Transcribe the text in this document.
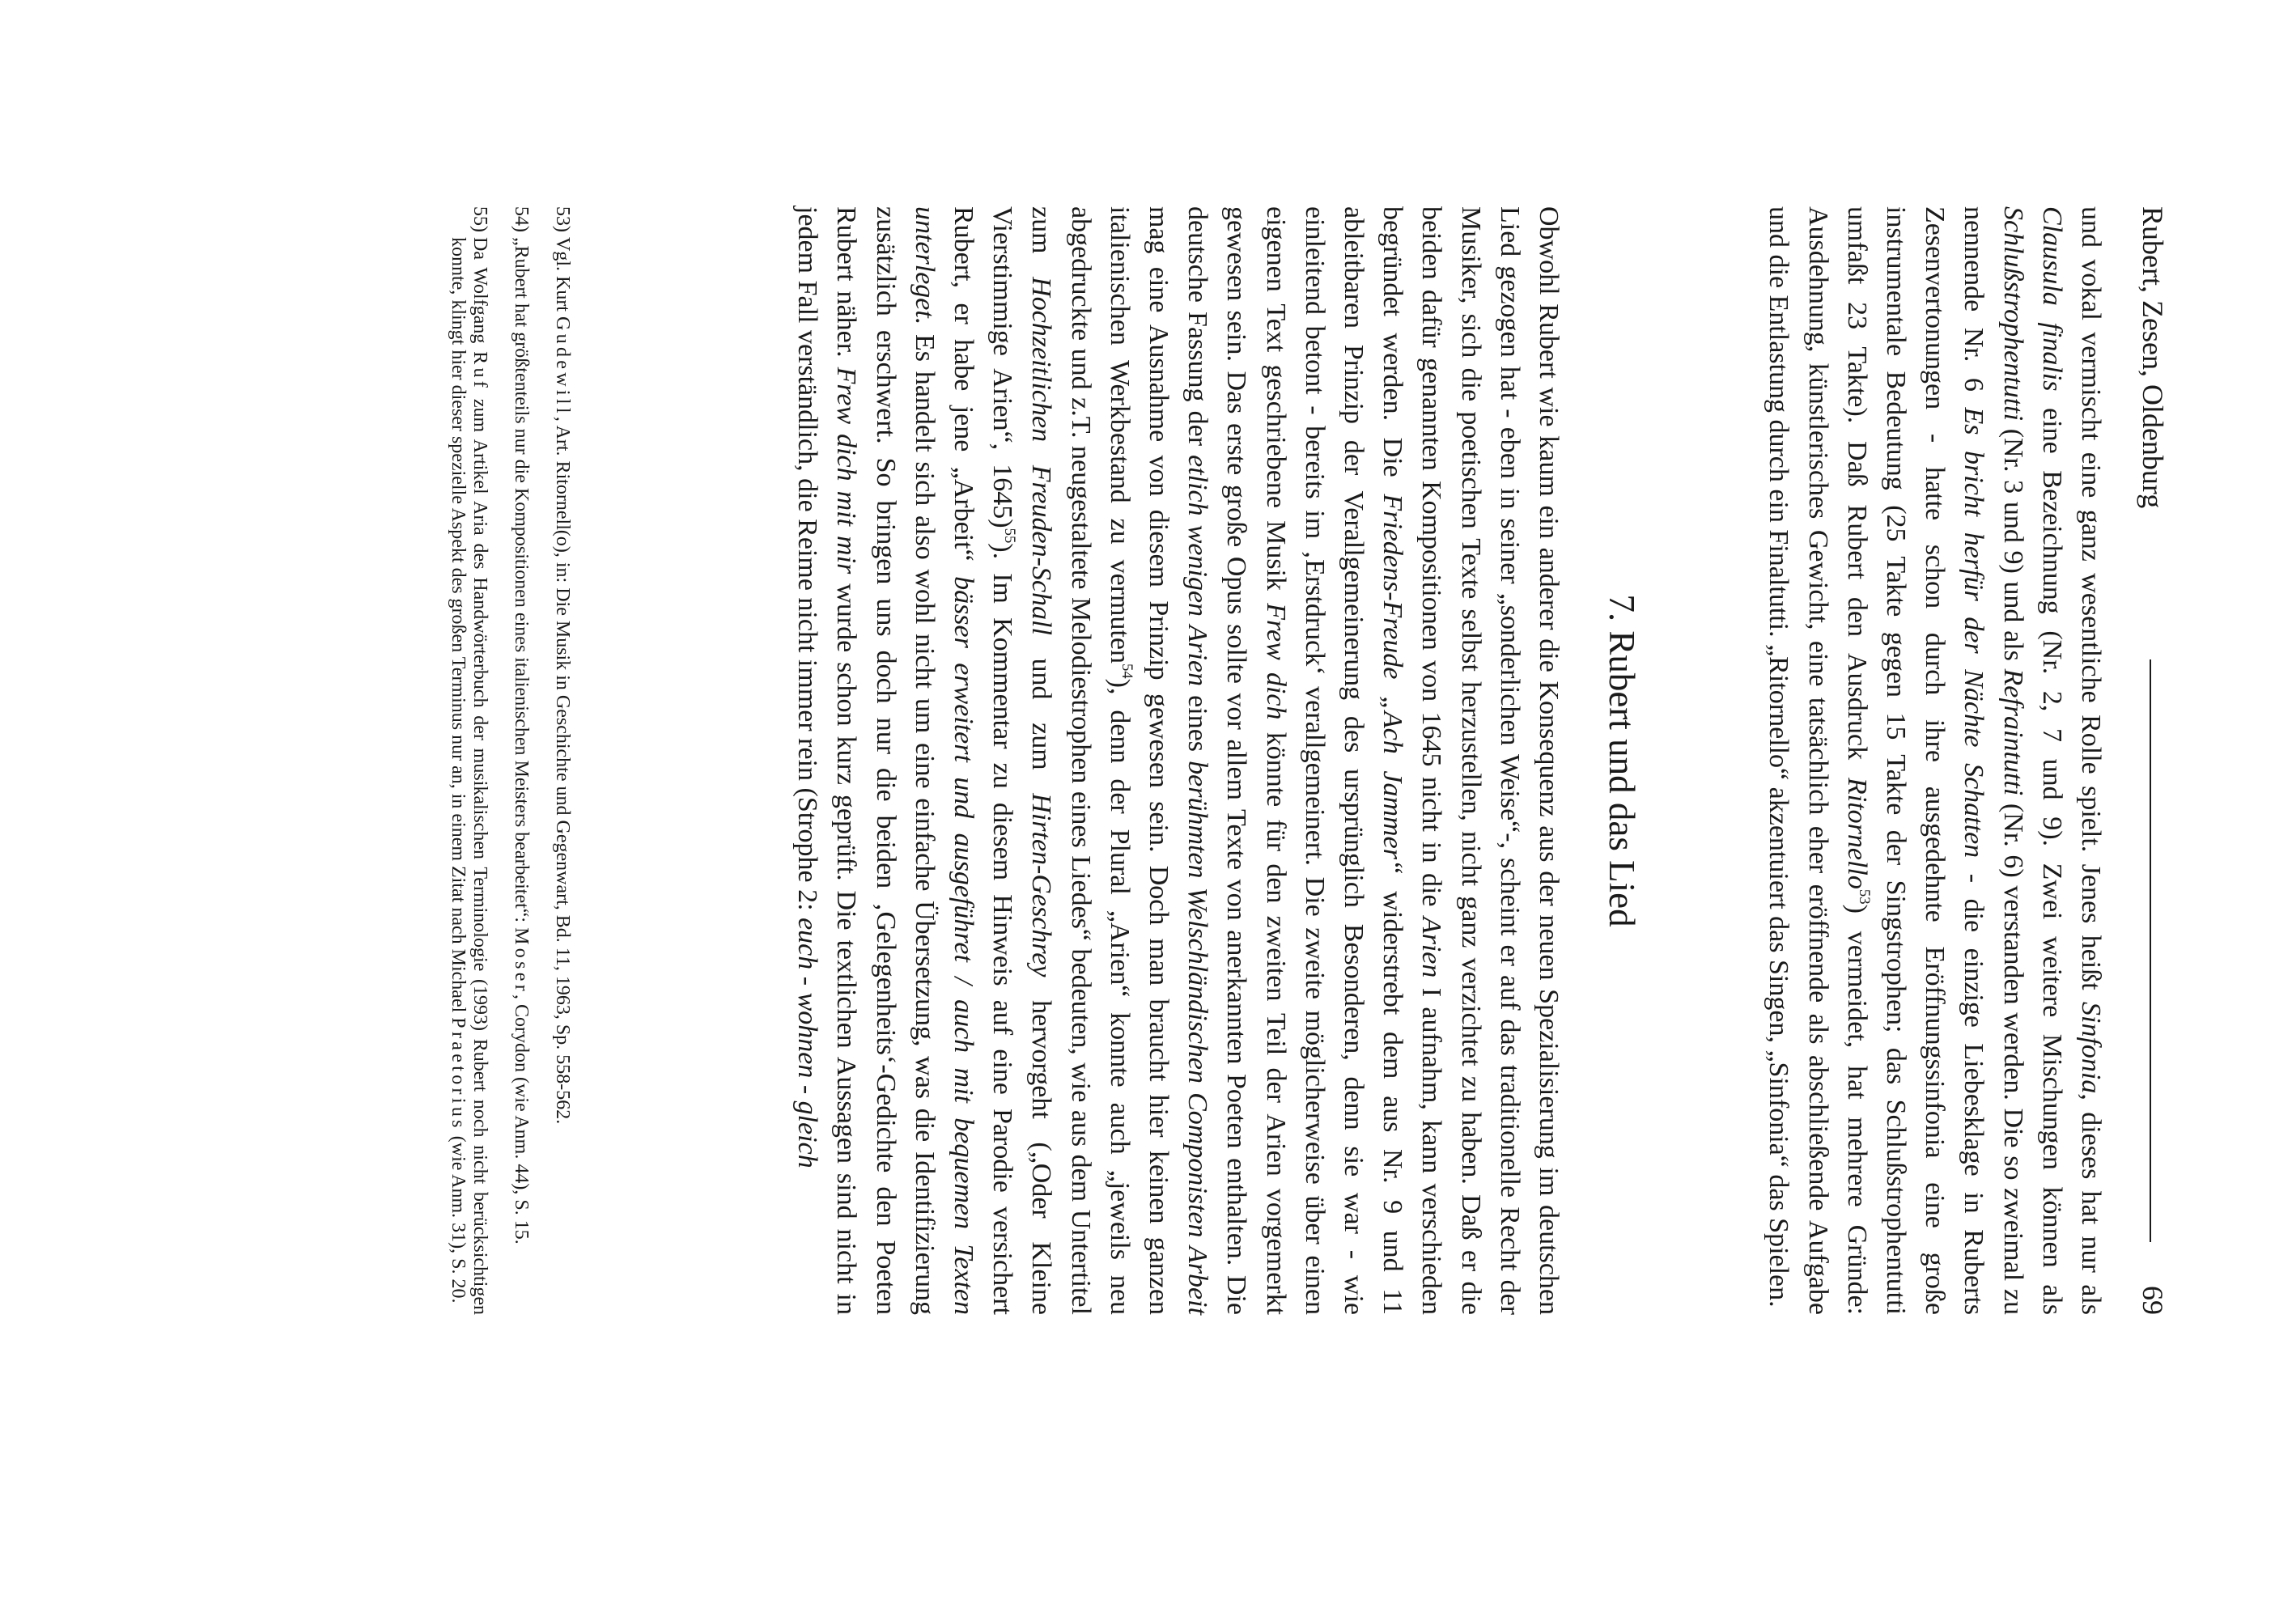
Rubert, Zesen, Oldenburg
69

und vokal vermischt eine ganz wesentliche Rolle spielt. Jenes heißt Sinfonia, dieses hat nur als Clausula finalis eine Bezeichnung (Nr. 2, 7 und 9). Zwei weitere Mischungen können als Schlußstrophentutti (Nr. 3 und 9) und als Refraintutti (Nr. 6) verstanden werden. Die so zweimal zu nennende Nr. 6 Es bricht herfür der Nächte Schatten - die einzige Liebesklage in Ruberts Zesenvertonungen - hatte schon durch ihre ausgedehnte Eröffnungssinfonia eine große instrumentale Bedeutung (25 Takte gegen 15 Takte der Singstrophen; das Schlußstrophentutti umfaßt 23 Takte). Daß Rubert den Ausdruck Ritornello$^{53}$) vermeidet, hat mehrere Gründe: Ausdehnung, künstlerisches Gewicht, eine tatsächlich eher eröffnende als abschließende Aufgabe und die Entlastung durch ein Finaltutti. „Ritornello“ akzentuiert das Singen, „Sinfonia“ das Spielen.

7. Rubert und das Lied

Obwohl Rubert wie kaum ein anderer die Konsequenz aus der neuen Spezialisierung im deutschen Lied gezogen hat - eben in seiner „sonderlichen Weise“-, scheint er auf das traditionelle Recht der Musiker, sich die poetischen Texte selbst herzustellen, nicht ganz verzichtet zu haben. Daß er die beiden dafür genannten Kompositionen von 1645 nicht in die Arien I aufnahm, kann verschieden begründet werden. Die Friedens-Freude „Ach Jammer“ widerstrebt dem aus Nr. 9 und 11 ableitbaren Prinzip der Verallgemeinerung des ursprünglich Besonderen, denn sie war - wie einleitend betont - bereits im ‚Erstdruck‘ verallgemeinert. Die zweite möglicherweise über einen eigenen Text geschriebene Musik Frew dich könnte für den zweiten Teil der Arien vorgemerkt gewesen sein. Das erste große Opus sollte vor allem Texte von anerkannten Poeten enthalten. Die deutsche Fassung der etlich wenigen Arien eines berühmten Welschländischen Componisten Arbeit mag eine Ausnahme von diesem Prinzip gewesen sein. Doch man braucht hier keinen ganzen italienischen Werkbestand zu vermuten$^{54}$), denn der Plural „Arien“ konnte auch „jeweils neu abgedruckte und z.T. neugestaltete Melodiestrophen eines Liedes“ bedeuten, wie aus dem Untertitel zum Hochzeitlichen Freuden-Schall und zum Hirten-Geschrey hervorgeht („Oder Kleine Vierstimmige Arien“, 1645)$^{55}$). Im Kommentar zu diesem Hinweis auf eine Parodie versichert Rubert, er habe jene „Arbeit“ bässer erweitert und ausgeführet / auch mit bequemen Texten unterleget. Es handelt sich also wohl nicht um eine einfache Übersetzung, was die Identifizierung zusätzlich erschwert. So bringen uns doch nur die beiden ‚Gelegenheits‘-Gedichte den Poeten Rubert näher. Frew dich mit mir wurde schon kurz geprüft. Die textlichen Aussagen sind nicht in jedem Fall verständlich, die Reime nicht immer rein (Strophe 2: euch - wohnen - gleich

53)

Vgl. Kurt Gudewill, Art. Ritornell(o), in: Die Musik in Geschichte und Gegenwart, Bd. 11, 1963, Sp. 558-562.

54)

„Rubert hat größtenteils nur die Kompositionen eines italienischen Meisters bearbeitet“: Moser, Corydon (wie Anm. 44), S. 15.

55)

Da Wolfgang Ruf zum Artikel Aria des Handwörterbuch der musikalischen Terminologie (1993) Rubert noch nicht berücksichtigen konnte, klingt hier dieser spezielle Aspekt des großen Terminus nur an, in einem Zitat nach Michael Praetorius (wie Anm. 31), S. 20.
